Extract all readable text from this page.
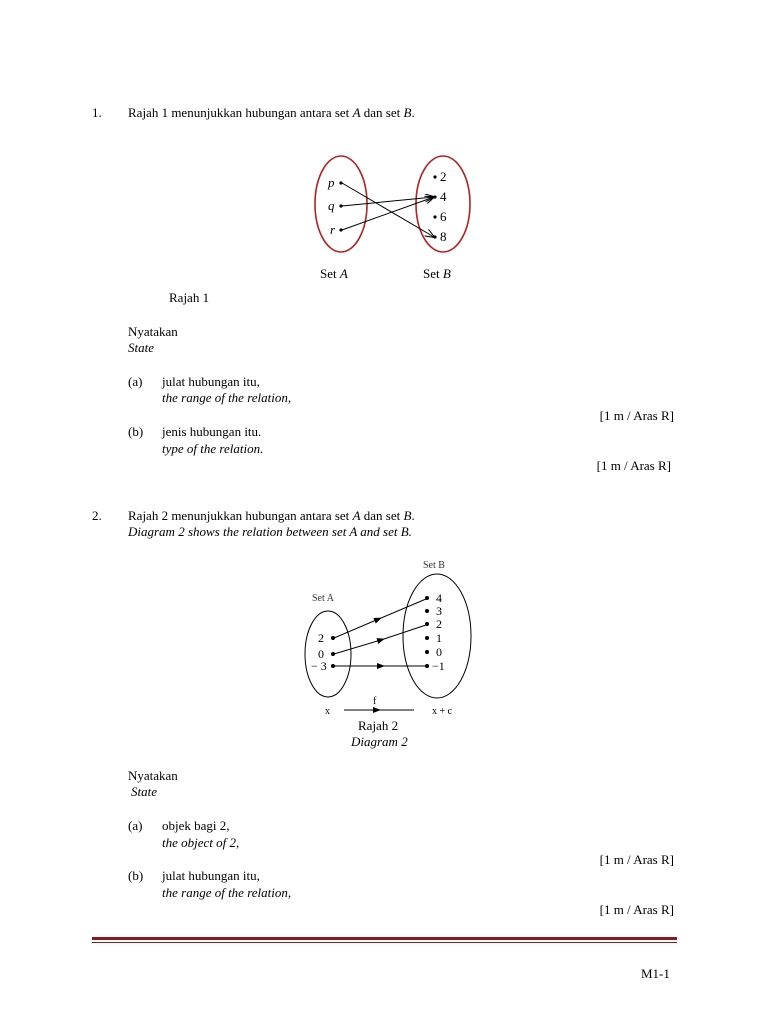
1. Rajah 1 menunjukkan hubungan antara set A dan set B.
p
q
r
2
4
6
8
Set A	Set B
Rajah 1
Nyatakan
State
(a) julat hubungan itu,
the range of the relation,
[1 m / Aras R]
(b) jenis hubungan itu.
type of the relation.
[1 m / Aras R]
2. Rajah 2 menunjukkan hubungan antara set A dan set B.
Diagram 2 shows the relation between set A and set B.
Set A
Set B
2
0
− 3
4
3
2
1
0
−1
x
f
x + c
Rajah 2
Diagram 2
Nyatakan
State
(a) objek bagi 2,
the object of 2,
[1 m / Aras R]
(b) julat hubungan itu,
the range of the relation,
[1 m / Aras R]
M1-1
